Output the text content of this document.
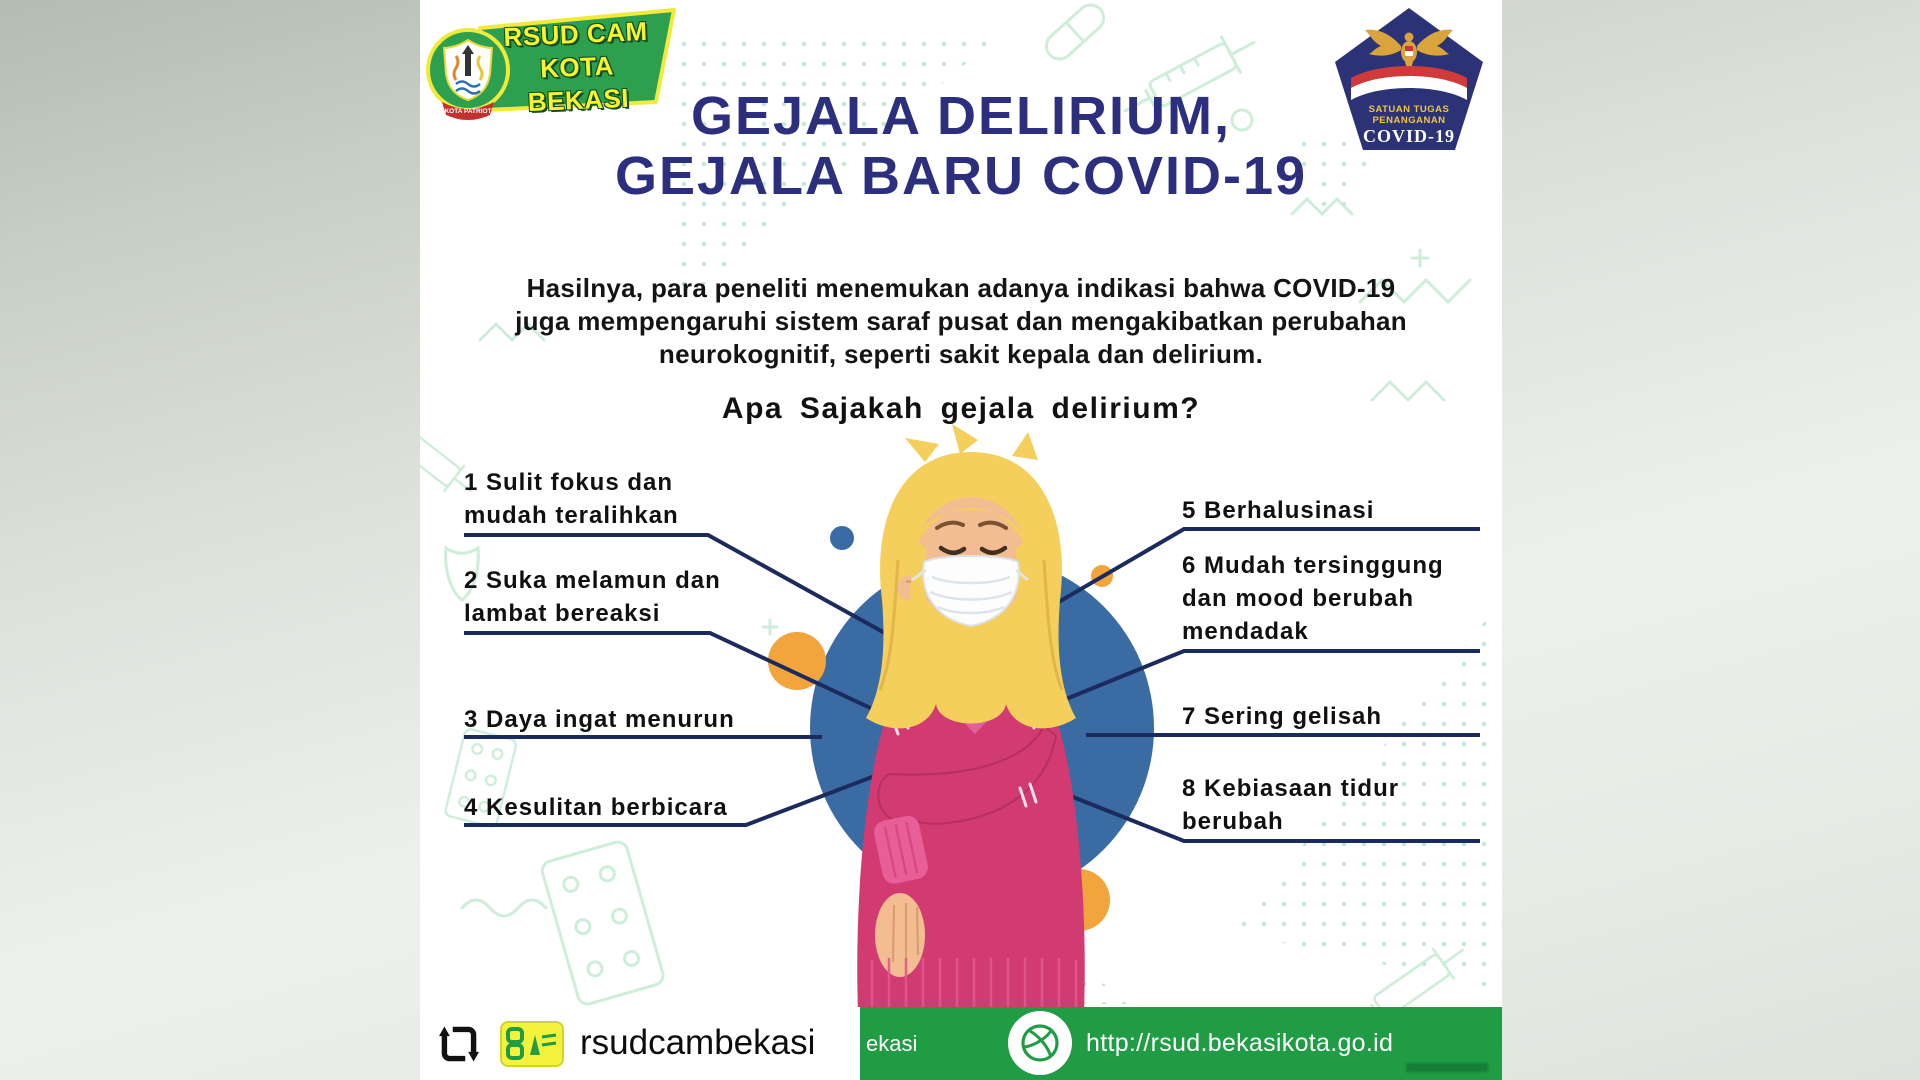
KOTA PATRIOT
RSUD CAM
KOTA BEKASI	SATUAN TUGAS
PENANGANAN
COVID-19
GEJALA DELIRIUM,
GEJALA BARU COVID-19

Hasilnya, para peneliti menemukan adanya indikasi bahwa COVID-19 juga mempengaruhi sistem saraf pusat dan mengakibatkan perubahan neurokognitif, seperti sakit kepala dan delirium.

Apa Sajakah gejala delirium?
1 Sulit fokus dan mudah teralihkan
2 Suka melamun dan lambat bereaksi
3 Daya ingat menurun
4 Kesulitan berbicara
5 Berhalusinasi
6 Mudah tersinggung dan mood berubah mendadak
7 Sering gelisah
8 Kebiasaan tidur berubah
ekasi	http://rsud.bekasikota.go.id
rsudcambekasi
